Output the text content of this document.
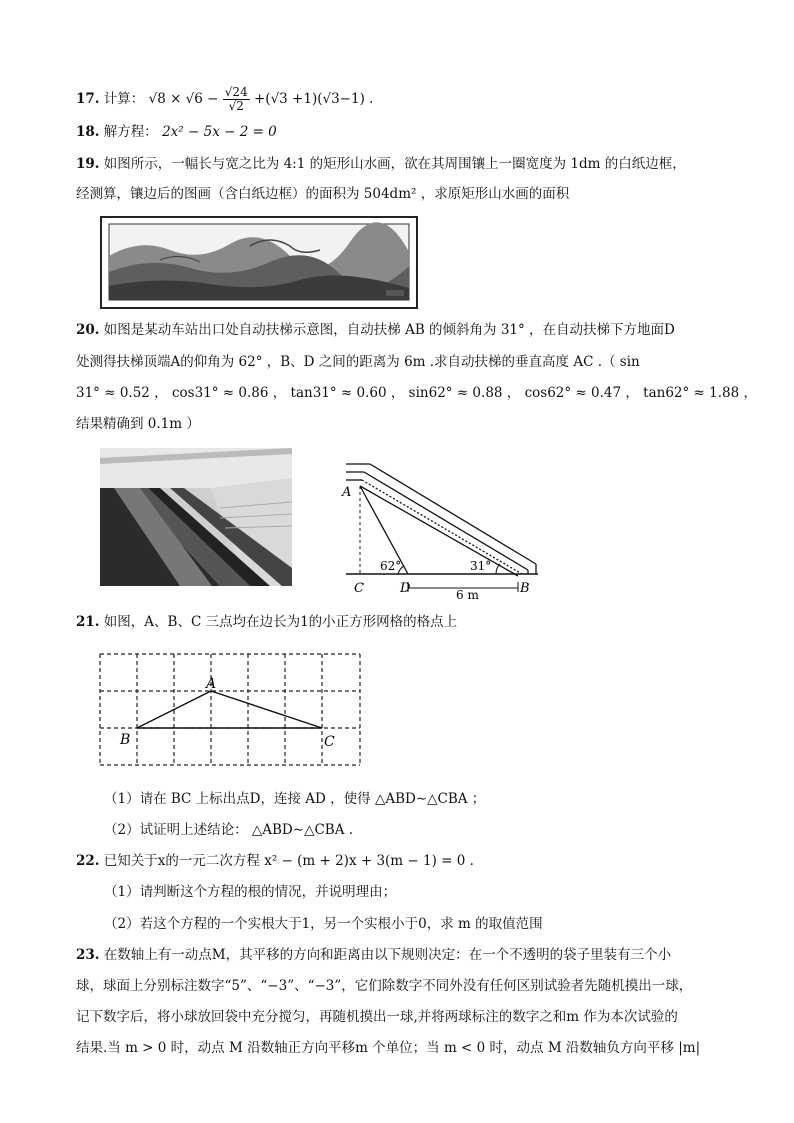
17. 计算： $√8 \times √6 - \frac{√24}{√2} +(√3 +1)(√3-1)$ .
18. 解方程： 2x² − 5x − 2 = 0
19. 如图所示，一幅长与宽之比为 4:1 的矩形山水画，欲在其周围镶上一圈宽度为 1dm 的白纸边框，
经测算，镶边后的图画（含白纸边框）的面积为 504dm² ，求原矩形山水画的面积
20. 如图是某动车站出口处自动扶梯示意图，自动扶梯 AB 的倾斜角为 31° ，在自动扶梯下方地面D
处测得扶梯顶端A的仰角为 62° ，B、D 之间的距离为 6m .求自动扶梯的垂直高度 AC .（ sin
31° ≈ 0.52 ， cos31° ≈ 0.86 ， tan31° ≈ 0.60 ， sin62° ≈ 0.88 ， cos62° ≈ 0.47 ， tan62° ≈ 1.88 ，
结果精确到 0.1m ）
A
C	D	B
62°	31°
6 m
21. 如图，A、B、C 三点均在边长为1的小正方形网格的格点上
A
B	C
（1）请在 BC 上标出点D，连接 AD ，使得 △ABD∼△CBA ；
（2）试证明上述结论： △ABD∼△CBA .
22. 已知关于x的一元二次方程 x² − (m + 2)x + 3(m − 1) = 0 .
（1）请判断这个方程的根的情况，并说明理由；
（2）若这个方程的一个实根大于1，另一个实根小于0，求 m 的取值范围
23. 在数轴上有一动点M，其平移的方向和距离由以下规则决定：在一个不透明的袋子里装有三个小
球，球面上分别标注数字“5”、“−3”、“−3”，它们除数字不同外没有任何区别试验者先随机摸出一球，
记下数字后，将小球放回袋中充分搅匀，再随机摸出一球,并将两球标注的数字之和m 作为本次试验的
结果.当 m > 0 时，动点 M 沿数轴正方向平移m 个单位；当 m < 0 时，动点 M 沿数轴负方向平移 |m|
